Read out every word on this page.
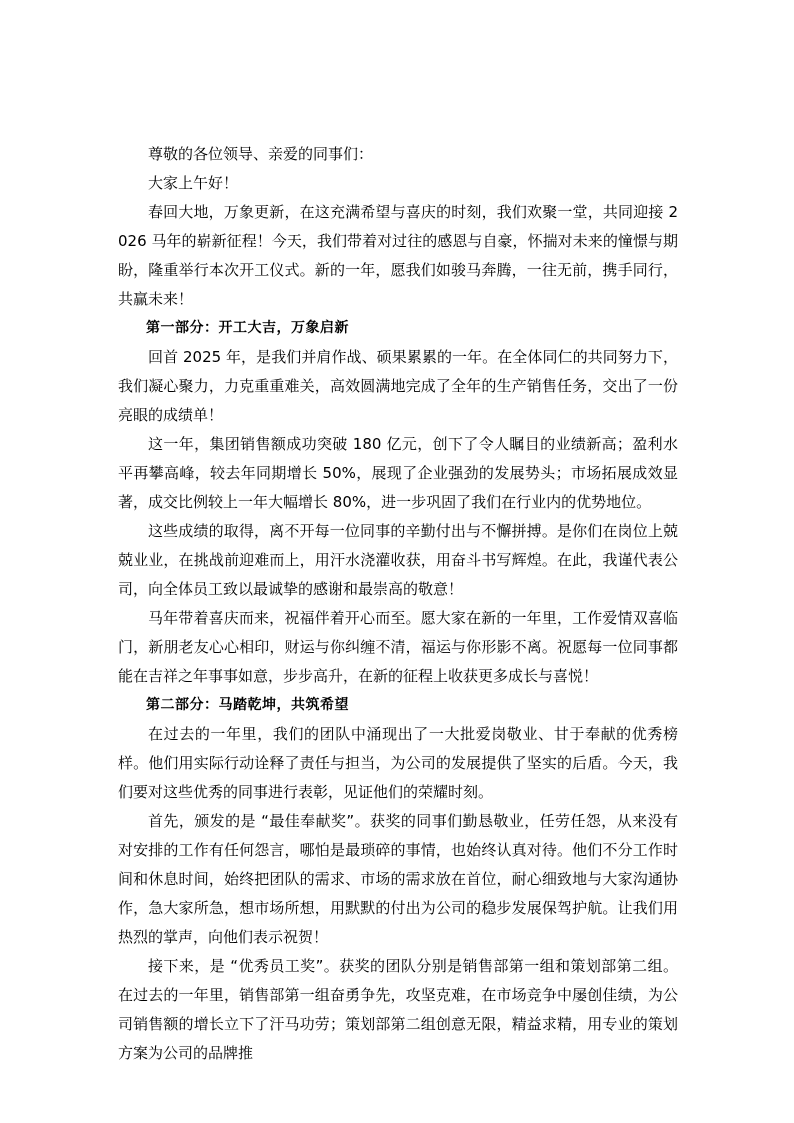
尊敬的各位领导、亲爱的同事们：

大家上午好！

春回大地，万象更新，在这充满希望与喜庆的时刻，我们欢聚一堂，共同迎接 2026 马年的崭新征程！今天，我们带着对过往的感恩与自豪，怀揣对未来的憧憬与期盼，隆重举行本次开工仪式。新的一年，愿我们如骏马奔腾，一往无前，携手同行，共赢未来！

第一部分：开工大吉，万象启新

回首 2025 年，是我们并肩作战、硕果累累的一年。在全体同仁的共同努力下，我们凝心聚力，力克重重难关，高效圆满地完成了全年的生产销售任务，交出了一份亮眼的成绩单！

这一年，集团销售额成功突破 180 亿元，创下了令人瞩目的业绩新高；盈利水平再攀高峰，较去年同期增长 50%，展现了企业强劲的发展势头；市场拓展成效显著，成交比例较上一年大幅增长 80%，进一步巩固了我们在行业内的优势地位。

这些成绩的取得，离不开每一位同事的辛勤付出与不懈拼搏。是你们在岗位上兢兢业业，在挑战前迎难而上，用汗水浇灌收获，用奋斗书写辉煌。在此，我谨代表公司，向全体员工致以最诚挚的感谢和最崇高的敬意！

马年带着喜庆而来，祝福伴着开心而至。愿大家在新的一年里，工作爱情双喜临门，新朋老友心心相印，财运与你纠缠不清，福运与你形影不离。祝愿每一位同事都能在吉祥之年事事如意，步步高升，在新的征程上收获更多成长与喜悦！

第二部分：马踏乾坤，共筑希望

在过去的一年里，我们的团队中涌现出了一大批爱岗敬业、甘于奉献的优秀榜样。他们用实际行动诠释了责任与担当，为公司的发展提供了坚实的后盾。今天，我们要对这些优秀的同事进行表彰，见证他们的荣耀时刻。

首先，颁发的是 “最佳奉献奖”。获奖的同事们勤恳敬业，任劳任怨，从来没有对安排的工作有任何怨言，哪怕是最琐碎的事情，也始终认真对待。他们不分工作时间和休息时间，始终把团队的需求、市场的需求放在首位，耐心细致地与大家沟通协作，急大家所急，想市场所想，用默默的付出为公司的稳步发展保驾护航。让我们用热烈的掌声，向他们表示祝贺！

接下来，是 “优秀员工奖”。获奖的团队分别是销售部第一组和策划部第二组。在过去的一年里，销售部第一组奋勇争先，攻坚克难，在市场竞争中屡创佳绩，为公司销售额的增长立下了汗马功劳；策划部第二组创意无限，精益求精，用专业的策划方案为公司的品牌推
